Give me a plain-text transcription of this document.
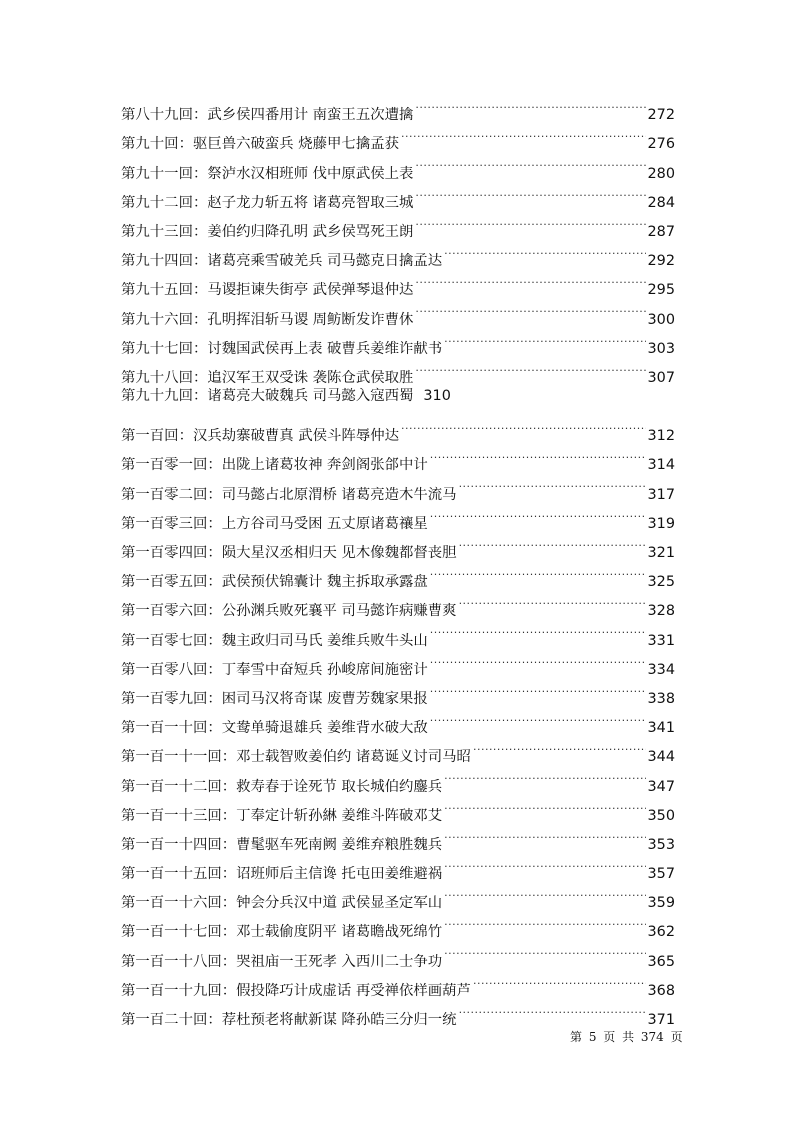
第八十九回：武乡侯四番用计 南蛮王五次遭擒 .....	272
第九十回：驱巨兽六破蛮兵 烧藤甲七擒孟获 .....	276
第九十一回：祭泸水汉相班师 伐中原武侯上表 .....	280
第九十二回：赵子龙力斩五将 诸葛亮智取三城 .....	284
第九十三回：姜伯约归降孔明 武乡侯骂死王朗 .....	287
第九十四回：诸葛亮乘雪破羌兵 司马懿克日擒孟达 .....	292
第九十五回：马谡拒谏失街亭 武侯弹琴退仲达 .....	295
第九十六回：孔明挥泪斩马谡 周鲂断发诈曹休 .....	300
第九十七回：讨魏国武侯再上表 破曹兵姜维诈献书 .....	303
第九十八回：追汉军王双受诛 袭陈仓武侯取胜 .....	307
第九十九回：诸葛亮大破魏兵 司马懿入寇西蜀 310
第一百回：汉兵劫寨破曹真 武侯斗阵辱仲达 .....	312
第一百零一回：出陇上诸葛妆神 奔剑阁张郃中计 .....	314
第一百零二回：司马懿占北原渭桥 诸葛亮造木牛流马 .....	317
第一百零三回：上方谷司马受困 五丈原诸葛禳星 .....	319
第一百零四回：陨大星汉丞相归天 见木像魏都督丧胆 .....	321
第一百零五回：武侯预伏锦囊计 魏主拆取承露盘 .....	325
第一百零六回：公孙渊兵败死襄平 司马懿诈病赚曹爽 .....	328
第一百零七回：魏主政归司马氏 姜维兵败牛头山 .....	331
第一百零八回：丁奉雪中奋短兵 孙峻席间施密计 .....	334
第一百零九回：困司马汉将奇谋 废曹芳魏家果报 .....	338
第一百一十回：文鸯单骑退雄兵 姜维背水破大敌 .....	341
第一百一十一回：邓士载智败姜伯约 诸葛诞义讨司马昭 .....	344
第一百一十二回：救寿春于诠死节 取长城伯约鏖兵 .....	347
第一百一十三回：丁奉定计斩孙綝 姜维斗阵破邓艾 .....	350
第一百一十四回：曹髦驱车死南阙 姜维弃粮胜魏兵 .....	353
第一百一十五回：诏班师后主信谗 托屯田姜维避祸 .....	357
第一百一十六回：钟会分兵汉中道 武侯显圣定军山 .....	359
第一百一十七回：邓士载偷度阴平 诸葛瞻战死绵竹 .....	362
第一百一十八回：哭祖庙一王死孝 入西川二士争功 .....	365
第一百一十九回：假投降巧计成虚话 再受禅依样画葫芦 .....	368
第一百二十回：荐杜预老将献新谋 降孙皓三分归一统 .....	371
第 5 页 共 374 页
